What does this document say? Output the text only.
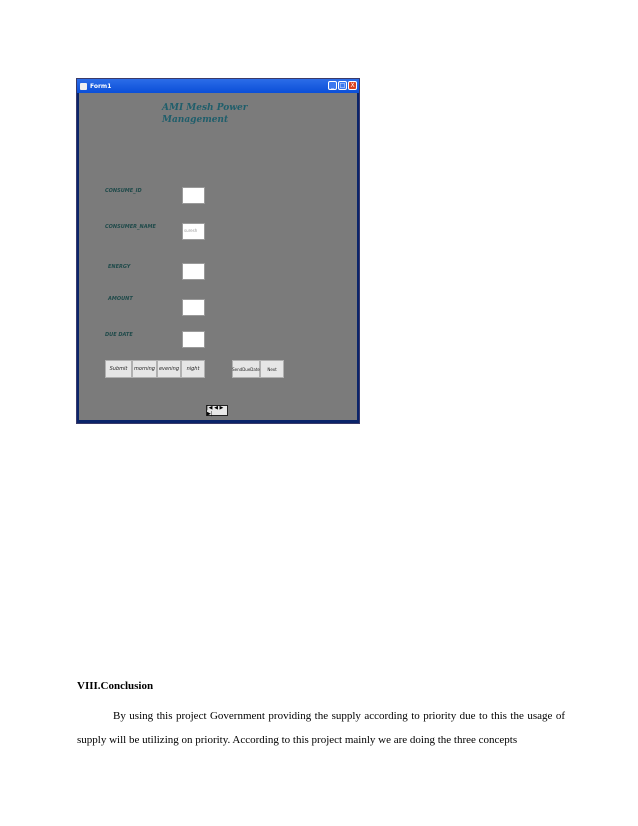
Form1	_ □ X
AMI Mesh Power
Management
CONSUME_ID
CONSUMER_NAME
suresh
ENERGY
AMOUNT
DUE DATE
Submit	morning evening	night	SendDueDate	Next
|◀ ◀ ▶ ▶|
VIII.Conclusion
By using this project Government providing the supply according to priority due to this the usage of supply will be utilizing on priority. According to this project mainly we are doing the three concepts
